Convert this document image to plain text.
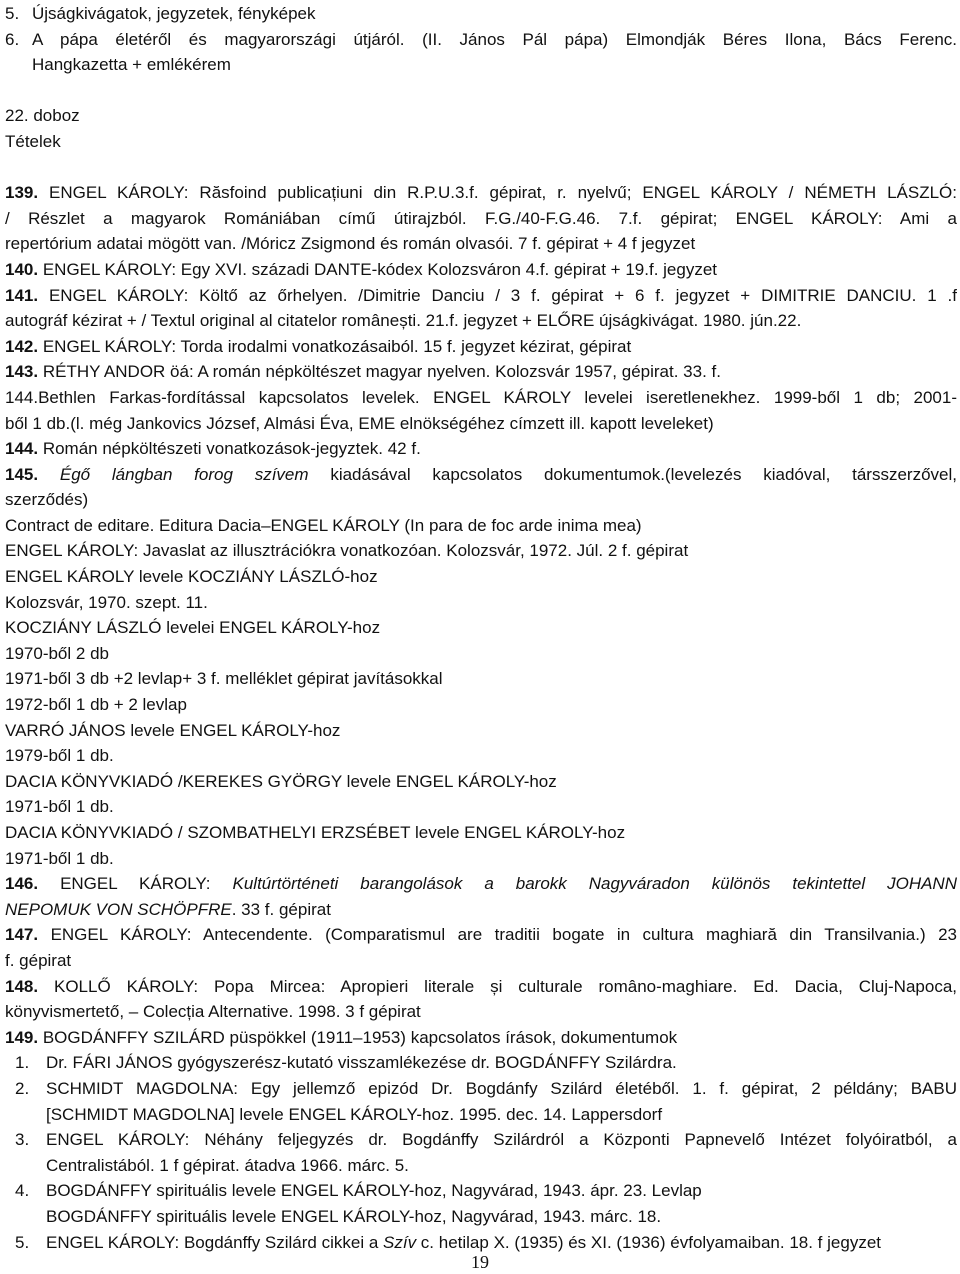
5. Újságkivágatok, jegyzetek, fényképek
6. A pápa életéről és magyarországi útjáról. (II. János Pál pápa) Elmondják Béres Ilona, Bács Ferenc.
Hangkazetta + emlékérem
22. doboz
Tételek
139. ENGEL KÁROLY: Răsfoind publicațiuni din R.P.U.3.f. gépirat, r. nyelvű; ENGEL KÁROLY / NÉMETH LÁSZLÓ:
/ Részlet a magyarok Romániában című útirajzból. F.G./40-F.G.46. 7.f. gépirat; ENGEL KÁROLY: Ami a
repertórium adatai mögött van. /Móricz Zsigmond és román olvasói. 7 f. gépirat + 4 f jegyzet
140. ENGEL KÁROLY: Egy XVI. századi DANTE-kódex Kolozsváron 4.f. gépirat + 19.f. jegyzet
141. ENGEL KÁROLY: Költő az őrhelyen. /Dimitrie Danciu / 3 f. gépirat + 6 f. jegyzet + DIMITRIE DANCIU. 1 .f
autográf kézirat + / Textul original al citatelor românești. 21.f. jegyzet + ELŐRE újságkivágat. 1980. jún.22.
142. ENGEL KÁROLY: Torda irodalmi vonatkozásaiból. 15 f. jegyzet kézirat, gépirat
143. RÉTHY ANDOR öá: A román népköltészet magyar nyelven. Kolozsvár 1957, gépirat. 33. f.
144.Bethlen Farkas-fordítással kapcsolatos levelek. ENGEL KÁROLY levelei iseretlenekhez. 1999-ből 1 db; 2001-
ből 1 db.(l. még Jankovics József, Almási Éva, EME elnökségéhez címzett ill. kapott leveleket)
144. Román népköltészeti vonatkozások-jegyztek. 42 f.
145. Égő lángban forog szívem kiadásával kapcsolatos dokumentumok.(levelezés kiadóval, társszerzővel,
szerződés)
Contract de editare. Editura Dacia–ENGEL KÁROLY (In para de foc arde inima mea)
ENGEL KÁROLY: Javaslat az illusztrációkra vonatkozóan. Kolozsvár, 1972. Júl. 2 f. gépirat
ENGEL KÁROLY levele KOCZIÁNY LÁSZLÓ-hoz
Kolozsvár, 1970. szept. 11.
KOCZIÁNY LÁSZLÓ levelei ENGEL KÁROLY-hoz
1970-ből 2 db
1971-ből 3 db +2 levlap+ 3 f. melléklet gépirat javításokkal
1972-ből 1 db + 2 levlap
VARRÓ JÁNOS levele ENGEL KÁROLY-hoz
1979-ből 1 db.
DACIA KÖNYVKIADÓ /KEREKES GYÖRGY levele ENGEL KÁROLY-hoz
1971-ből 1 db.
DACIA KÖNYVKIADÓ / SZOMBATHELYI ERZSÉBET levele ENGEL KÁROLY-hoz
1971-ből 1 db.
146. ENGEL KÁROLY: Kultúrtörténeti barangolások a barokk Nagyváradon különös tekintettel JOHANN
NEPOMUK VON SCHÖPFRE. 33 f. gépirat
147. ENGEL KÁROLY: Antecendente. (Comparatismul are traditii bogate in cultura maghiară din Transilvania.) 23
f. gépirat
148. KOLLŐ KÁROLY: Popa Mircea: Apropieri literale și culturale româno-maghiare. Ed. Dacia, Cluj-Napoca,
könyvismertető, – Colecția Alternative. 1998. 3 f gépirat
149. BOGDÁNFFY SZILÁRD püspökkel (1911–1953) kapcsolatos írások, dokumentumok
1. Dr. FÁRI JÁNOS gyógyszerész-kutató visszamlékezése dr. BOGDÁNFFY Szilárdra.
2. SCHMIDT MAGDOLNA: Egy jellemző epizód Dr. Bogdánfy Szilárd életéből. 1. f. gépirat, 2 példány; BABU
[SCHMIDT MAGDOLNA] levele ENGEL KÁROLY-hoz. 1995. dec. 14. Lappersdorf
3. ENGEL KÁROLY: Néhány feljegyzés dr. Bogdánffy Szilárdról a Központi Papnevelő Intézet folyóiratból, a
Centralistából. 1 f gépirat. átadva 1966. márc. 5.
4. BOGDÁNFFY spirituális levele ENGEL KÁROLY-hoz, Nagyvárad, 1943. ápr. 23. Levlap
BOGDÁNFFY spirituális levele ENGEL KÁROLY-hoz, Nagyvárad, 1943. márc. 18.
5. ENGEL KÁROLY: Bogdánffy Szilárd cikkei a Szív c. hetilap X. (1935) és XI. (1936) évfolyamaiban. 18. f jegyzet
19
